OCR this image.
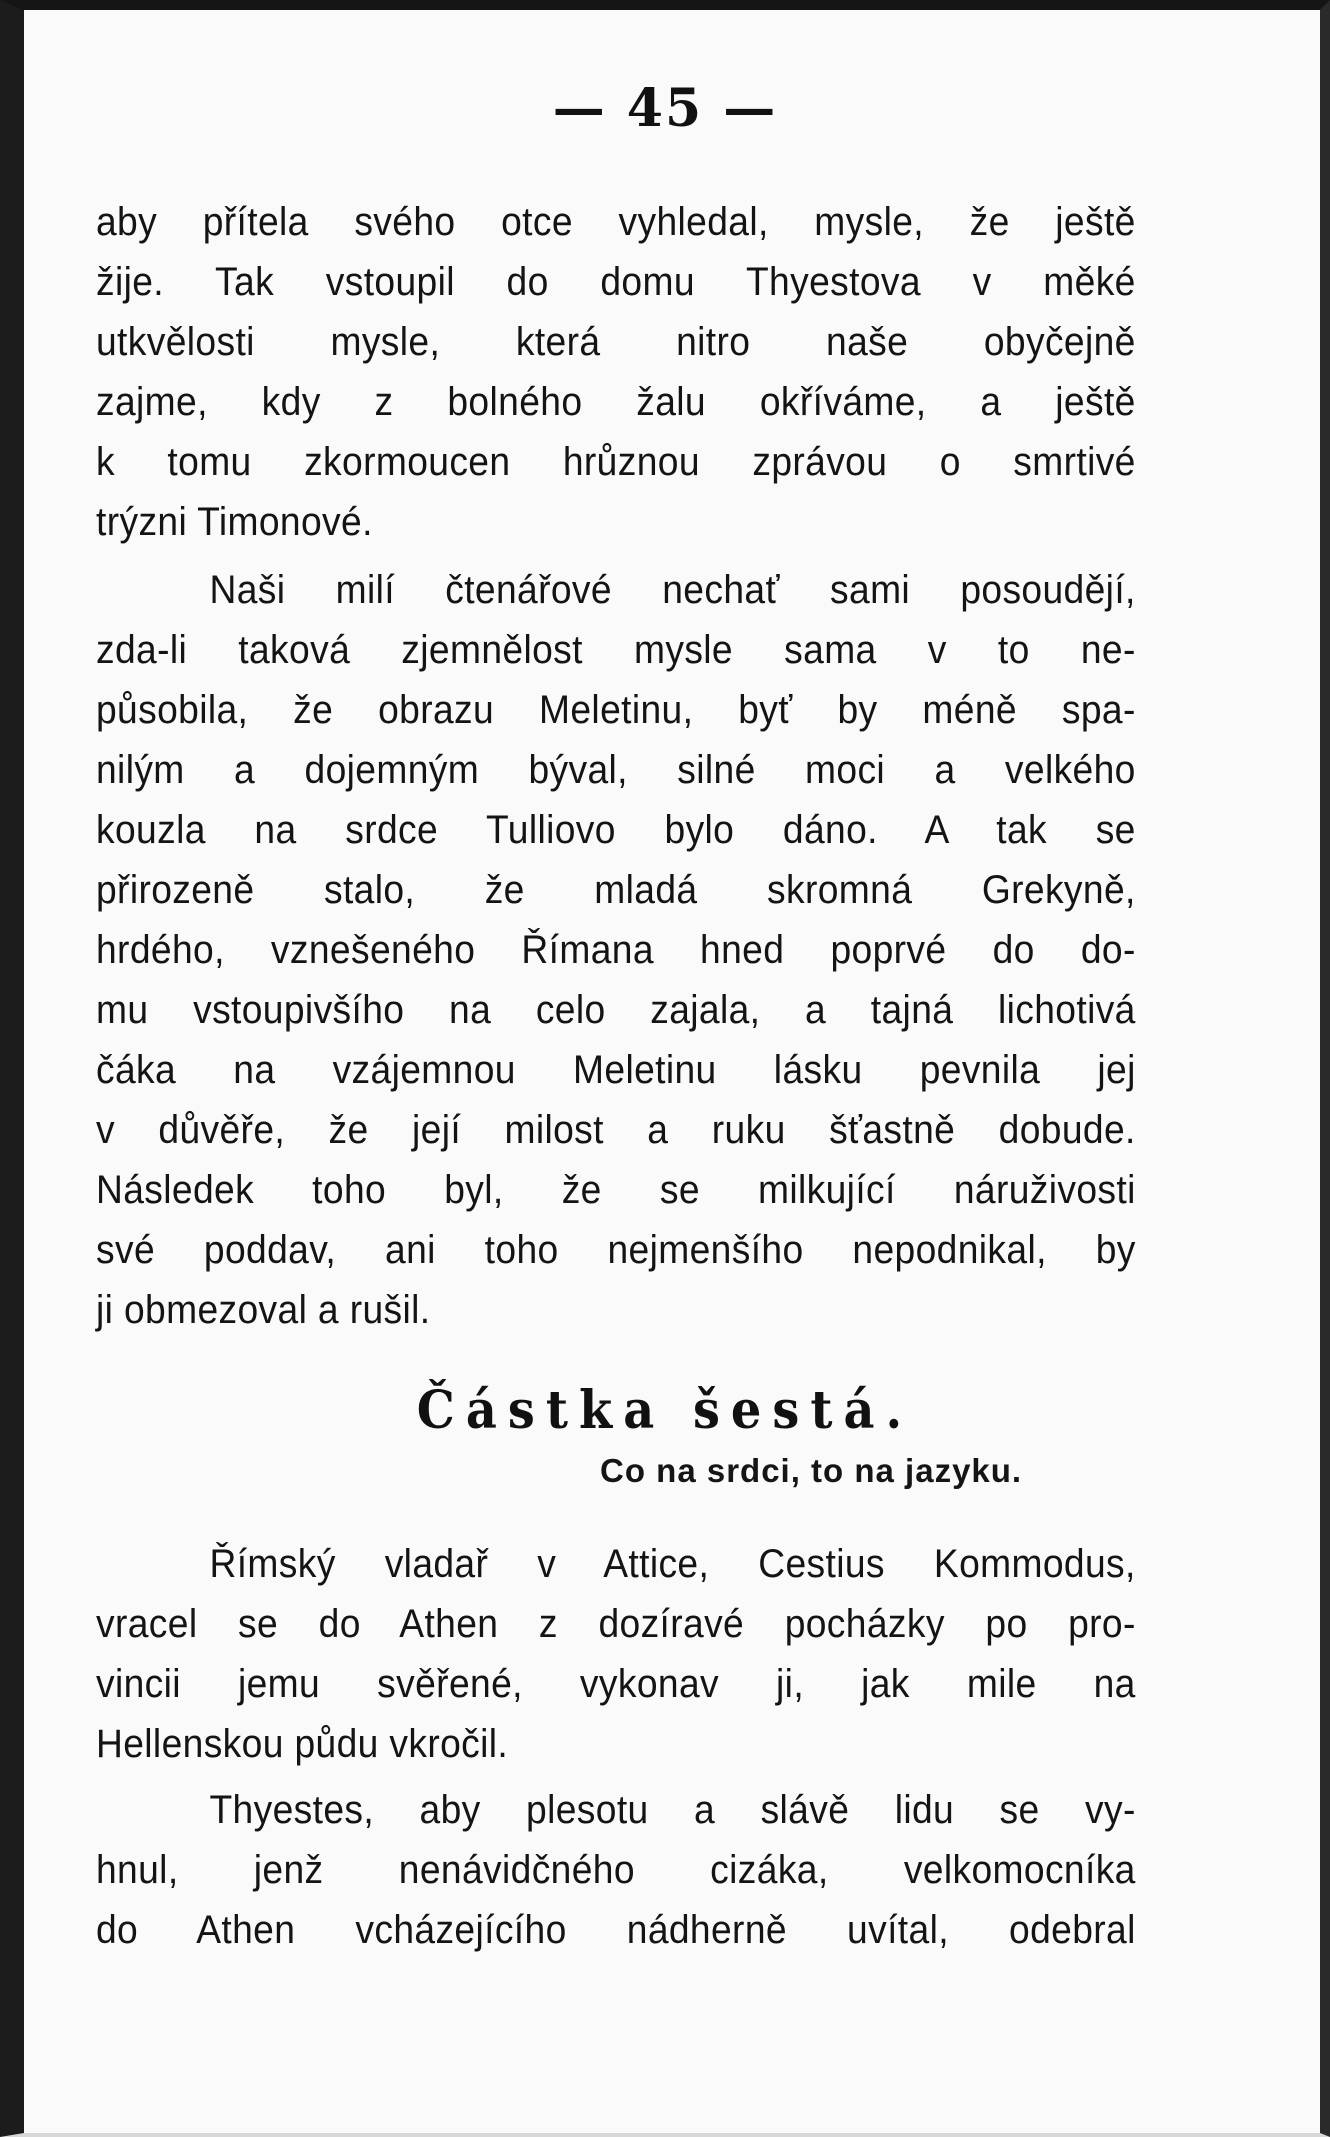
— 45 —
aby přítela svého otce vyhledal, mysle, že ještě
žije. Tak vstoupil do domu Thyestova v měké
utkvělosti mysle, která nitro naše obyčejně
zajme, kdy z bolného žalu okříváme, a ještě
k tomu zkormoucen hrůznou zprávou o smrtivé
trýzni Timonové.
Naši milí čtenářové nechať sami posoudějí,
zda-li taková zjemnělost mysle sama v to ne-
působila, že obrazu Meletinu, byť by méně spa-
nilým a dojemným býval, silné moci a velkého
kouzla na srdce Tulliovo bylo dáno. A tak se
přirozeně stalo, že mladá skromná Grekyně,
hrdého, vznešeného Římana hned poprvé do do-
mu vstoupivšího na celo zajala, a tajná lichotivá
čáka na vzájemnou Meletinu lásku pevnila jej
v důvěře, že její milost a ruku šťastně dobude.
Následek toho byl, že se milkující náruživosti
své poddav, ani toho nejmenšího nepodnikal, by
ji obmezoval a rušil.
Částka šestá.
Co na srdci, to na jazyku.
Římský vladař v Attice, Cestius Kommodus,
vracel se do Athen z dozíravé pocházky po pro-
vincii jemu svěřené, vykonav ji, jak mile na
Hellenskou půdu vkročil.
Thyestes, aby plesotu a slávě lidu se vy-
hnul, jenž nenávidčného cizáka, velkomocníka
do Athen vcházejícího nádherně uvítal, odebral
